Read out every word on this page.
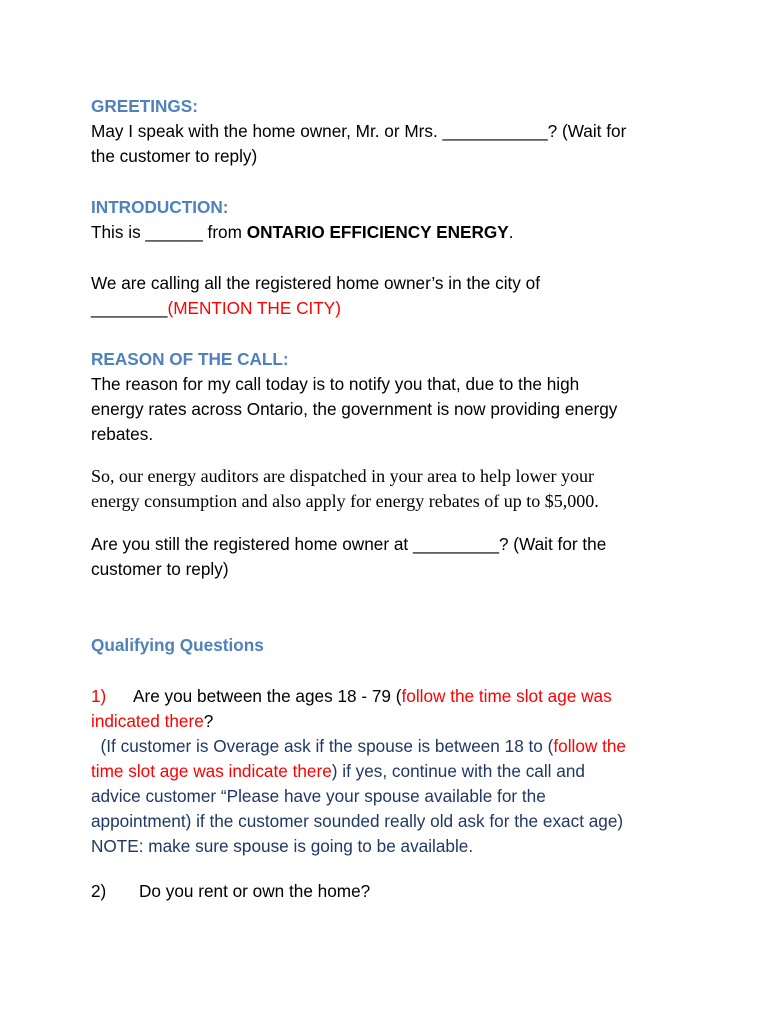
GREETINGS:
May I speak with the home owner, Mr. or Mrs. ___________? (Wait for
the customer to reply)
INTRODUCTION:
This is ______ from ONTARIO EFFICIENCY ENERGY.
We are calling all the registered home owner’s in the city of
________(MENTION THE CITY)
REASON OF THE CALL:
The reason for my call today is to notify you that, due to the high
energy rates across Ontario, the government is now providing energy
rebates.
So, our energy auditors are dispatched in your area to help lower your
energy consumption and also apply for energy rebates of up to $5,000.
Are you still the registered home owner at _________? (Wait for the
customer to reply)
Qualifying Questions
1) Are you between the ages 18 - 79 (follow the time slot age was
indicated there?
(If customer is Overage ask if the spouse is between 18 to (follow the
time slot age was indicate there) if yes, continue with the call and
advice customer “Please have your spouse available for the
appointment) if the customer sounded really old ask for the exact age)
NOTE: make sure spouse is going to be available.
2) Do you rent or own the home?
